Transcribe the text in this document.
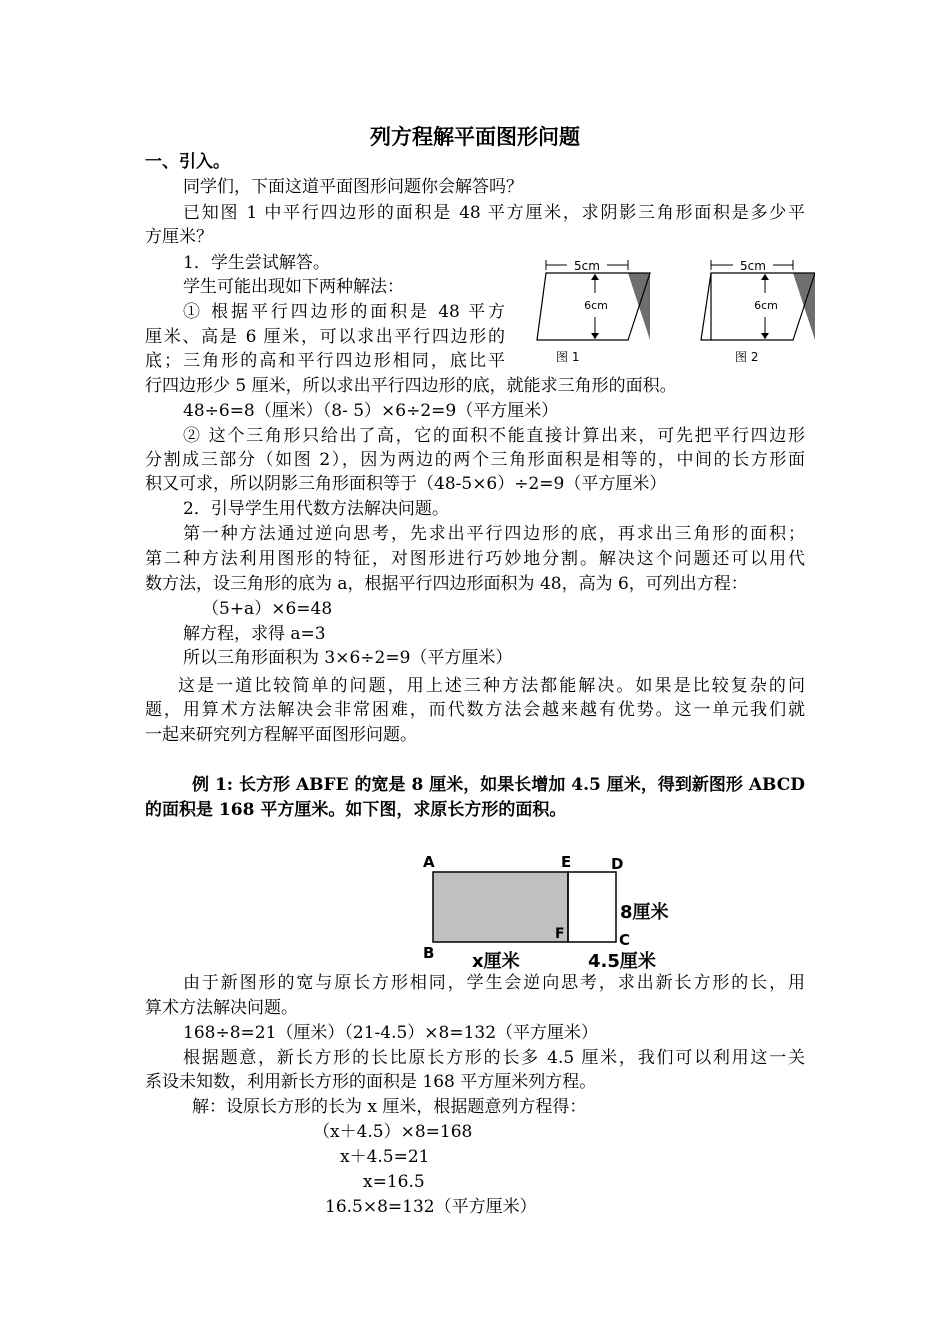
列方程解平面图形问题
一、引入。
同学们，下面这道平面图形问题你会解答吗？
已知图 1 中平行四边形的面积是 48 平方厘米，求阴影三角形面积是多少平
方厘米？
1．学生尝试解答。
学生可能出现如下两种解法：
① 根据平行四边形的面积是 48 平方
厘米、高是 6 厘米，可以求出平行四边形的
底；三角形的高和平行四边形相同，底比平
行四边形少 5 厘米，所以求出平行四边形的底，就能求三角形的面积。
48÷6=8（厘米）（8- 5）×6÷2=9（平方厘米）
② 这个三角形只给出了高，它的面积不能直接计算出来，可先把平行四边形
分割成三部分（如图 2），因为两边的两个三角形面积是相等的，中间的长方形面
积又可求，所以阴影三角形面积等于（48-5×6）÷2=9（平方厘米）
2．引导学生用代数方法解决问题。
第一种方法通过逆向思考，先求出平行四边形的底，再求出三角形的面积；
第二种方法利用图形的特征，对图形进行巧妙地分割。解决这个问题还可以用代
数方法，设三角形的底为 a，根据平行四边形面积为 48，高为 6，可列出方程：
（5+a）×6=48
解方程，求得 a=3
所以三角形面积为 3×6÷2=9（平方厘米）
这是一道比较简单的问题，用上述三种方法都能解决。如果是比较复杂的问
题，用算术方法解决会非常困难，而代数方法会越来越有优势。这一单元我们就
一起来研究列方程解平面图形问题。
5cm
6cm
图 1
5cm
6cm
图 2
例 1: 长方形 ABFE 的宽是 8 厘米，如果长增加 4.5 厘米，得到新图形 ABCD
的面积是 168 平方厘米。如下图，求原长方形的面积。
A	E	D
B
F	C
8厘米
x厘米	4.5厘米
由于新图形的宽与原长方形相同，学生会逆向思考，求出新长方形的长，用
算术方法解决问题。
168÷8=21（厘米）（21-4.5）×8=132（平方厘米）
根据题意，新长方形的长比原长方形的长多 4.5 厘米，我们可以利用这一关
系设未知数，利用新长方形的面积是 168 平方厘米列方程。
解：设原长方形的长为 x 厘米，根据题意列方程得：
（x＋4.5）×8=168
x＋4.5=21
x=16.5
16.5×8=132（平方厘米）
